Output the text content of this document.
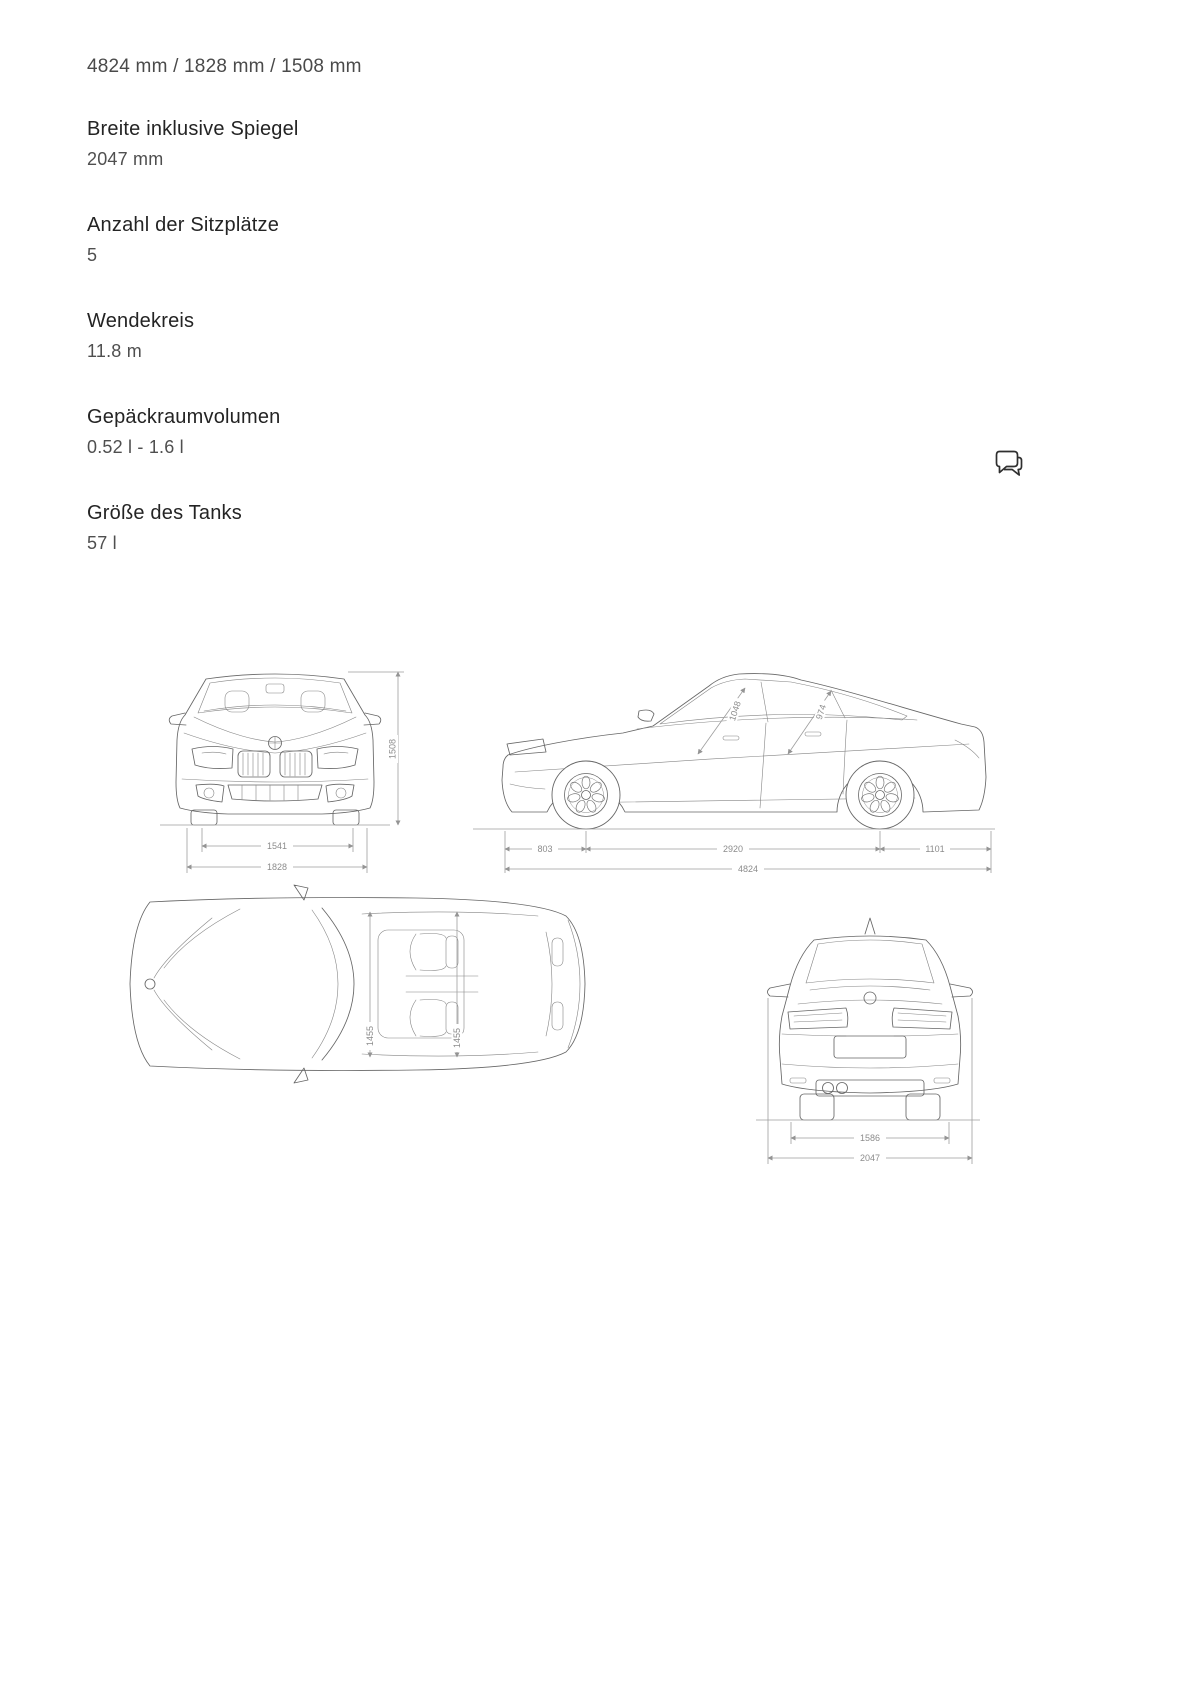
4824 mm / 1828 mm / 1508 mm
Breite inklusive Spiegel
2047 mm
Anzahl der Sitzplätze
5
Wendekreis
11.8 m
Gepäckraumvolumen
0.52 l - 1.6 l
Größe des Tanks
57 l
1508
1541
1828
1048	974
803	2920	1101
4824
1455	1455
1586
2047
